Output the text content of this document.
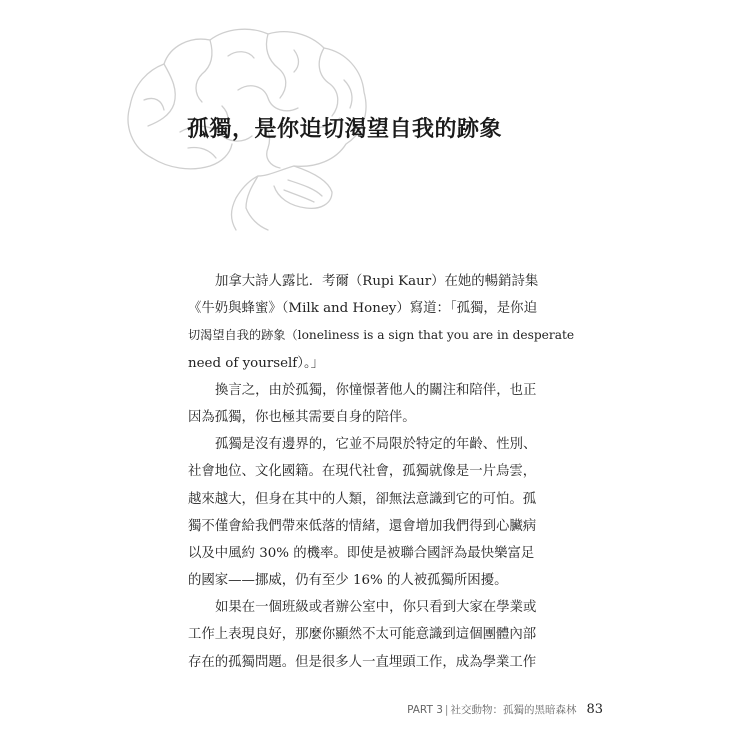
孤獨，是你迫切渴望自我的跡象
加拿大詩人露比．考爾（Rupi Kaur）在她的暢銷詩集
《牛奶與蜂蜜》（Milk and Honey）寫道：「孤獨，是你迫
切渴望自我的跡象（loneliness is a sign that you are in desperate
need of yourself）。」
換言之，由於孤獨，你憧憬著他人的關注和陪伴，也正
因為孤獨，你也極其需要自身的陪伴。
孤獨是沒有邊界的，它並不局限於特定的年齡、性別、
社會地位、文化國籍。在現代社會，孤獨就像是一片烏雲，
越來越大，但身在其中的人類，卻無法意識到它的可怕。孤
獨不僅會給我們帶來低落的情緒，還會增加我們得到心臟病
以及中風約 30% 的機率。即使是被聯合國評為最快樂富足
的國家——挪威，仍有至少 16% 的人被孤獨所困擾。
如果在一個班級或者辦公室中，你只看到大家在學業或
工作上表現良好，那麼你顯然不太可能意識到這個團體內部
存在的孤獨問題。但是很多人一直埋頭工作，成為學業工作
PART 3 | 社交動物：孤獨的黑暗森林 83
